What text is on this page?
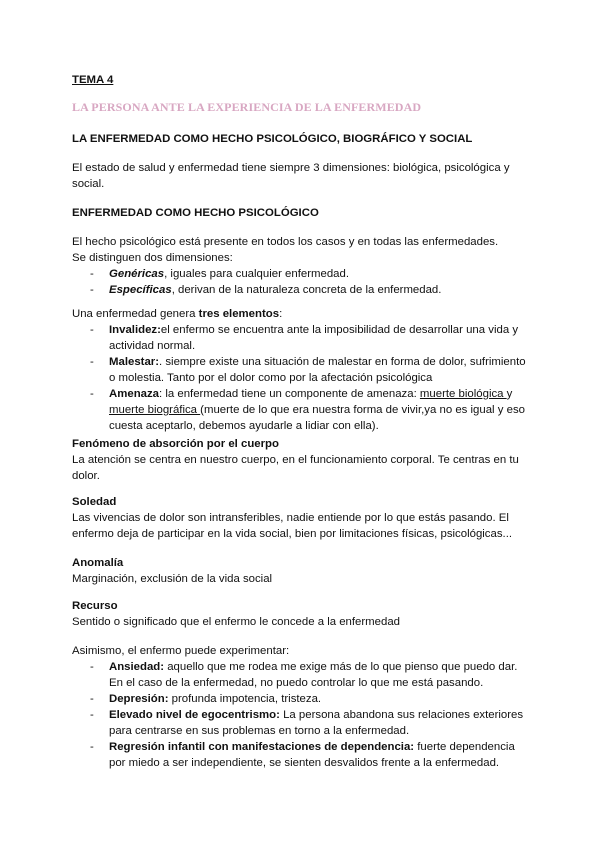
TEMA 4
LA PERSONA ANTE LA EXPERIENCIA DE LA ENFERMEDAD
LA ENFERMEDAD COMO HECHO PSICOLÓGICO, BIOGRÁFICO Y SOCIAL
El estado de salud y enfermedad tiene siempre 3 dimensiones: biológica, psicológica y social.
ENFERMEDAD COMO HECHO PSICOLÓGICO
El hecho psicológico está presente en todos los casos y en todas las enfermedades.
Se distinguen dos dimensiones:
- Genéricas, iguales para cualquier enfermedad.
- Específicas, derivan de la naturaleza concreta de la enfermedad.
Una enfermedad genera tres elementos:
- Invalidez:el enfermo se encuentra ante la imposibilidad de desarrollar una vida y actividad normal.
- Malestar:. siempre existe una situación de malestar en forma de dolor, sufrimiento o molestia. Tanto por el dolor como por la afectación psicológica
- Amenaza: la enfermedad tiene un componente de amenaza: muerte biológica y muerte biográfica (muerte de lo que era nuestra forma de vivir,ya no es igual y eso cuesta aceptarlo, debemos ayudarle a lidiar con ella).
Fenómeno de absorción por el cuerpo
La atención se centra en nuestro cuerpo, en el funcionamiento corporal. Te centras en tu dolor.
Soledad
Las vivencias de dolor son intransferibles, nadie entiende por lo que estás pasando. El enfermo deja de participar en la vida social, bien por limitaciones físicas, psicológicas...
Anomalía
Marginación, exclusión de la vida social
Recurso
Sentido o significado que el enfermo le concede a la enfermedad
Asimismo, el enfermo puede experimentar:
- Ansiedad: aquello que me rodea me exige más de lo que pienso que puedo dar. En el caso de la enfermedad, no puedo controlar lo que me está pasando.
- Depresión: profunda impotencia, tristeza.
- Elevado nivel de egocentrismo: La persona abandona sus relaciones exteriores para centrarse en sus problemas en torno a la enfermedad.
- Regresión infantil con manifestaciones de dependencia: fuerte dependencia por miedo a ser independiente, se sienten desvalidos frente a la enfermedad.
